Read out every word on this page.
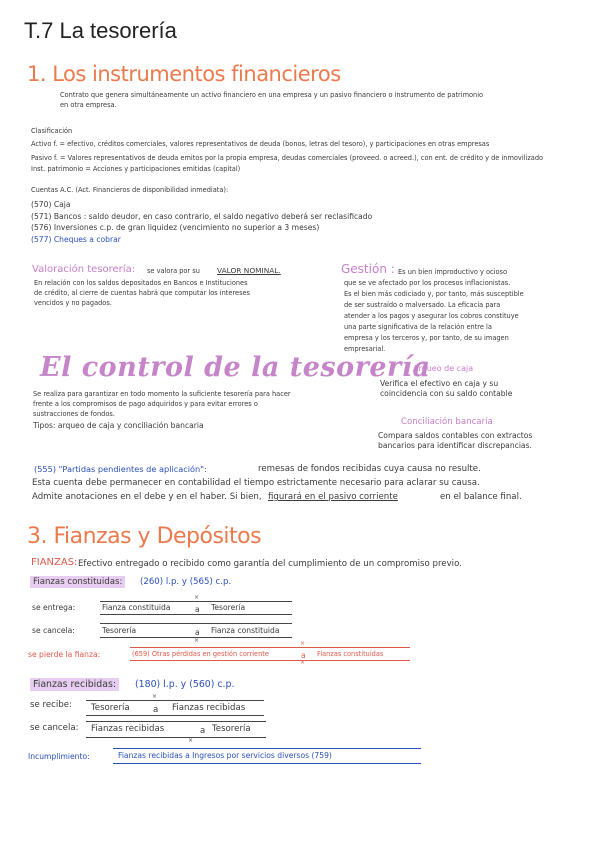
T.7 La tesorería
1. Los instrumentos financieros
Contrato que genera simultáneamente un activo financiero en una empresa y un pasivo financiero o instrumento de patrimonio
en otra empresa.
Clasificación
Activo f. = efectivo, créditos comerciales, valores representativos de deuda (bonos, letras del tesoro), y participaciones en otras empresas
Pasivo f. = Valores representativos de deuda emitos por la propia empresa, deudas comerciales (proveed. o acreed.), con ent. de crédito y de inmovilizado
Inst. patrimonio = Acciones y participaciones emitidas (capital)
Cuentas A.C. (Act. Financieros de disponibilidad inmediata):
(570) Caja
(571) Bancos : saldo deudor, en caso contrario, el saldo negativo deberá ser reclasificado
(576) Inversiones c.p. de gran liquidez (vencimiento no superior a 3 meses)
(577) Cheques a cobrar
Valoración tesorería: se valora por su VALOR NOMINAL.
En relación con los saldos depositados en Bancos e Instituciones
de crédito, al cierre de cuentas habrá que computar los intereses
vencidos y no pagados.
Gestión : Es un bien improductivo y ocioso
que se ve afectado por los procesos inflacionistas.
Es el bien más codiciado y, por tanto, más susceptible
de ser sustraído o malversado. La eficacia para
atender a los pagos y asegurar los cobros constituye
una parte significativa de la relación entre la
empresa y los terceros y, por tanto, de su imagen
empresarial.
El control de la tesorería
Se realiza para garantizar en todo momento la suficiente tesorería para hacer
frente a los compromisos de pago adquiridos y para evitar errores o
sustracciones de fondos.
Tipos: arqueo de caja y conciliación bancaria
Arqueo de caja
Verifica el efectivo en caja y su
coincidencia con su saldo contable
Conciliación bancaria
Compara saldos contables con extractos
bancarios para identificar discrepancias.
(555) "Partidas pendientes de aplicación":	remesas de fondos recibidas cuya causa no resulte.
Esta cuenta debe permanecer en contabilidad el tiempo estrictamente necesario para aclarar su causa.
Admite anotaciones en el debe y en el haber. Si bien, figurará en el pasivo corriente	en el balance final.
3. Fianzas y Depósitos
FIANZAS: Efectivo entregado o recibido como garantía del cumplimiento de un compromiso previo.
Fianzas constituidas:	(260) l.p. y (565) c.p.
se entrega:	Fianza constituida	a Tesorería
×
se cancela:	Tesorería	a Fianza constituida
×
se pierde la fianza:	(659) Otras pérdidas en gestión corriente	a Fianzas constituidas
×
×
Fianzas recibidas:	(180) l.p. y (560) c.p.
se recibe: Tesorería	a Fianzas recibidas
×
se cancela: Fianzas recibidas	a Tesorería
×
Incumplimiento:	Fianzas recibidas a Ingresos por servicios diversos (759)
